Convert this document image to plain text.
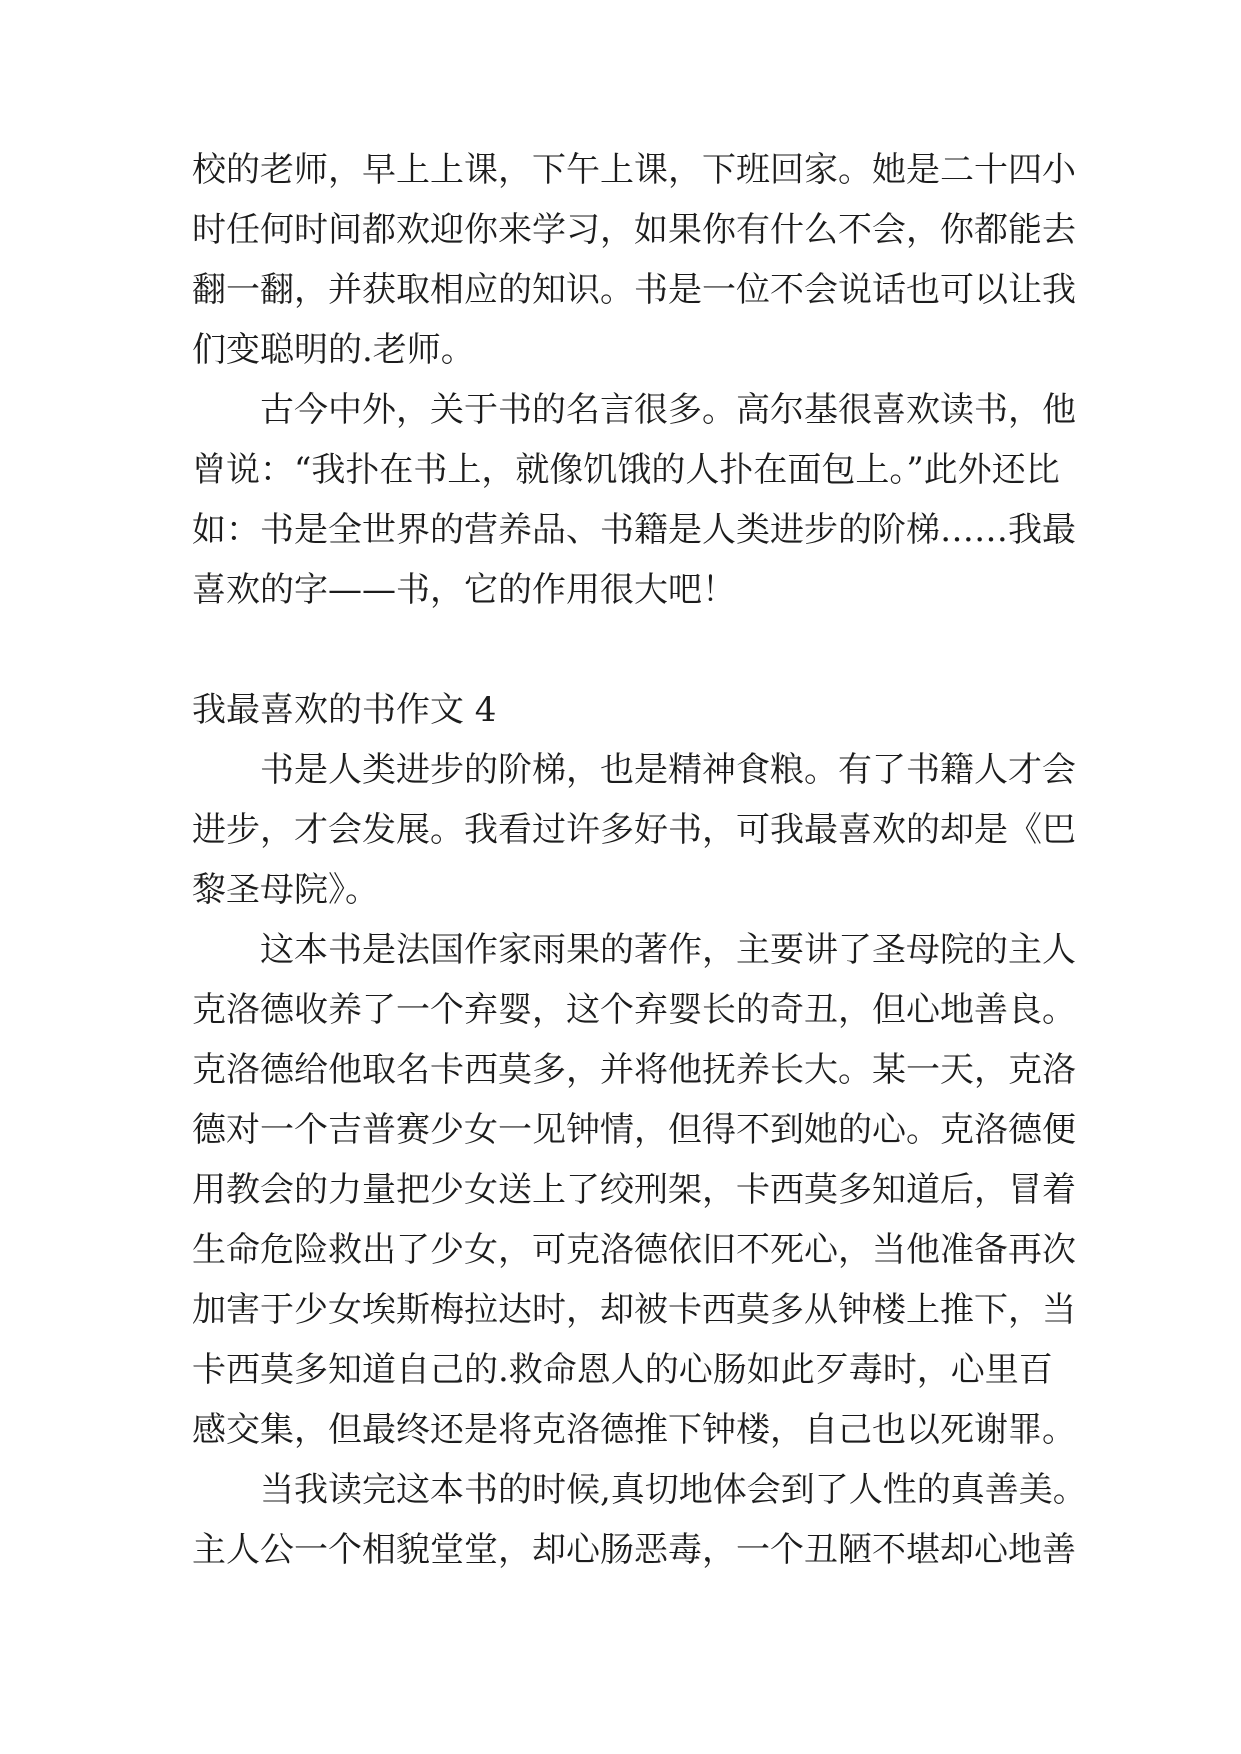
校的老师，早上上课，下午上课，下班回家。她是二十四小
时任何时间都欢迎你来学习，如果你有什么不会，你都能去
翻一翻，并获取相应的知识。书是一位不会说话也可以让我
们变聪明的.老师。
　　古今中外，关于书的名言很多。高尔基很喜欢读书，他
曾说：“我扑在书上，就像饥饿的人扑在面包上。”此外还比
如：书是全世界的营养品、书籍是人类进步的阶梯……我最
喜欢的字——书，它的作用很大吧！
我最喜欢的书作文 4
　　书是人类进步的阶梯，也是精神食粮。有了书籍人才会
进步，才会发展。我看过许多好书，可我最喜欢的却是《巴
黎圣母院》。
　　这本书是法国作家雨果的著作，主要讲了圣母院的主人
克洛德收养了一个弃婴，这个弃婴长的奇丑，但心地善良。
克洛德给他取名卡西莫多，并将他抚养长大。某一天，克洛
德对一个吉普赛少女一见钟情，但得不到她的心。克洛德便
用教会的力量把少女送上了绞刑架，卡西莫多知道后，冒着
生命危险救出了少女，可克洛德依旧不死心，当他准备再次
加害于少女埃斯梅拉达时，却被卡西莫多从钟楼上推下，当
卡西莫多知道自己的.救命恩人的心肠如此歹毒时，心里百
感交集，但最终还是将克洛德推下钟楼，自己也以死谢罪。
　　当我读完这本书的时候,真切地体会到了人性的真善美。
主人公一个相貌堂堂，却心肠恶毒，一个丑陋不堪却心地善
